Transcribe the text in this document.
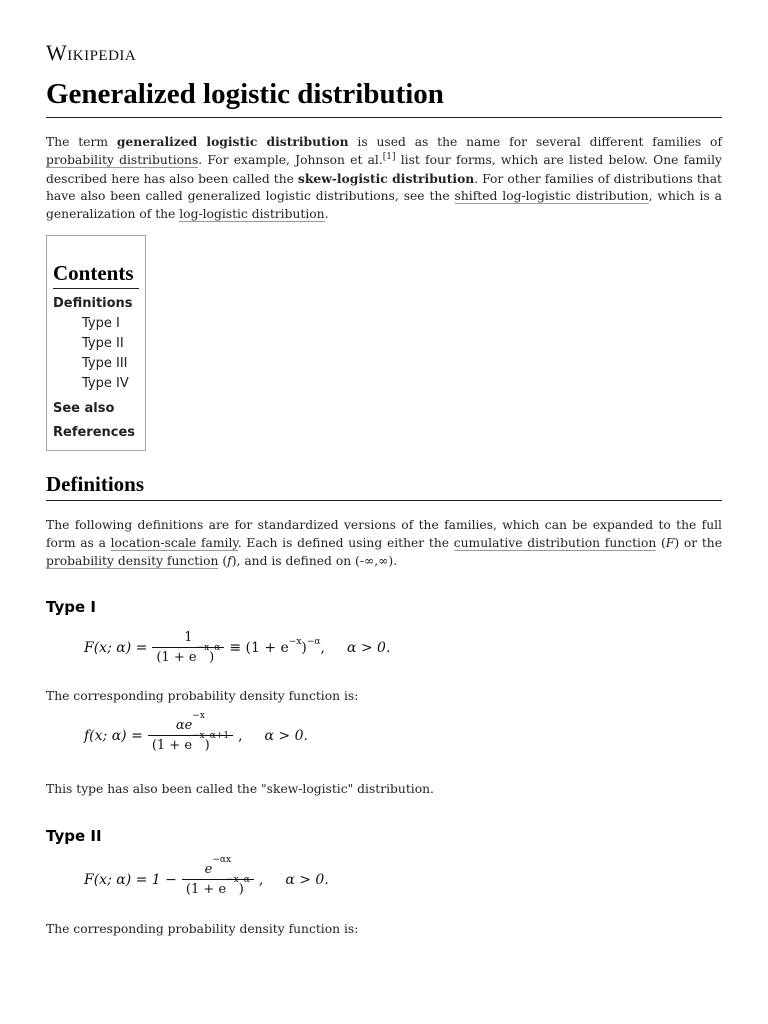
Wikipedia
Generalized logistic distribution

The term generalized logistic distribution is used as the name for several different families of probability distributions. For example, Johnson et al.[1] list four forms, which are listed below. One family described here has also been called the skew-logistic distribution. For other families of distributions that have also been called generalized logistic distributions, see the shifted log-logistic distribution, which is a generalization of the log-logistic distribution.

Contents
Definitions
Type I
Type II
Type III
Type IV
See also
References
Definitions

The following definitions are for standardized versions of the families, which can be expanded to the full form as a location-scale family. Each is defined using either the cumulative distribution function (F) or the probability density function (f), and is defined on (-∞,∞).

Type I
F(x; $\alpha) = \frac{1}{(1 + e^{-x})^\alpha} \equiv (1 + e^{-x}$ )$^{-\alpha}$ , α > 0.

The corresponding probability density function is:

f(x; $\alpha) = \frac{\alpha e^{-x}}{(1 + e^{-x})^{\alpha+1}}$ , α > 0.

This type has also been called the "skew-logistic" distribution.

Type II
F(x; $\alpha) = 1 - \frac{e^{-\alpha x}}{(1 + e^{-x})^\alpha}$ , α > 0.

The corresponding probability density function is:
